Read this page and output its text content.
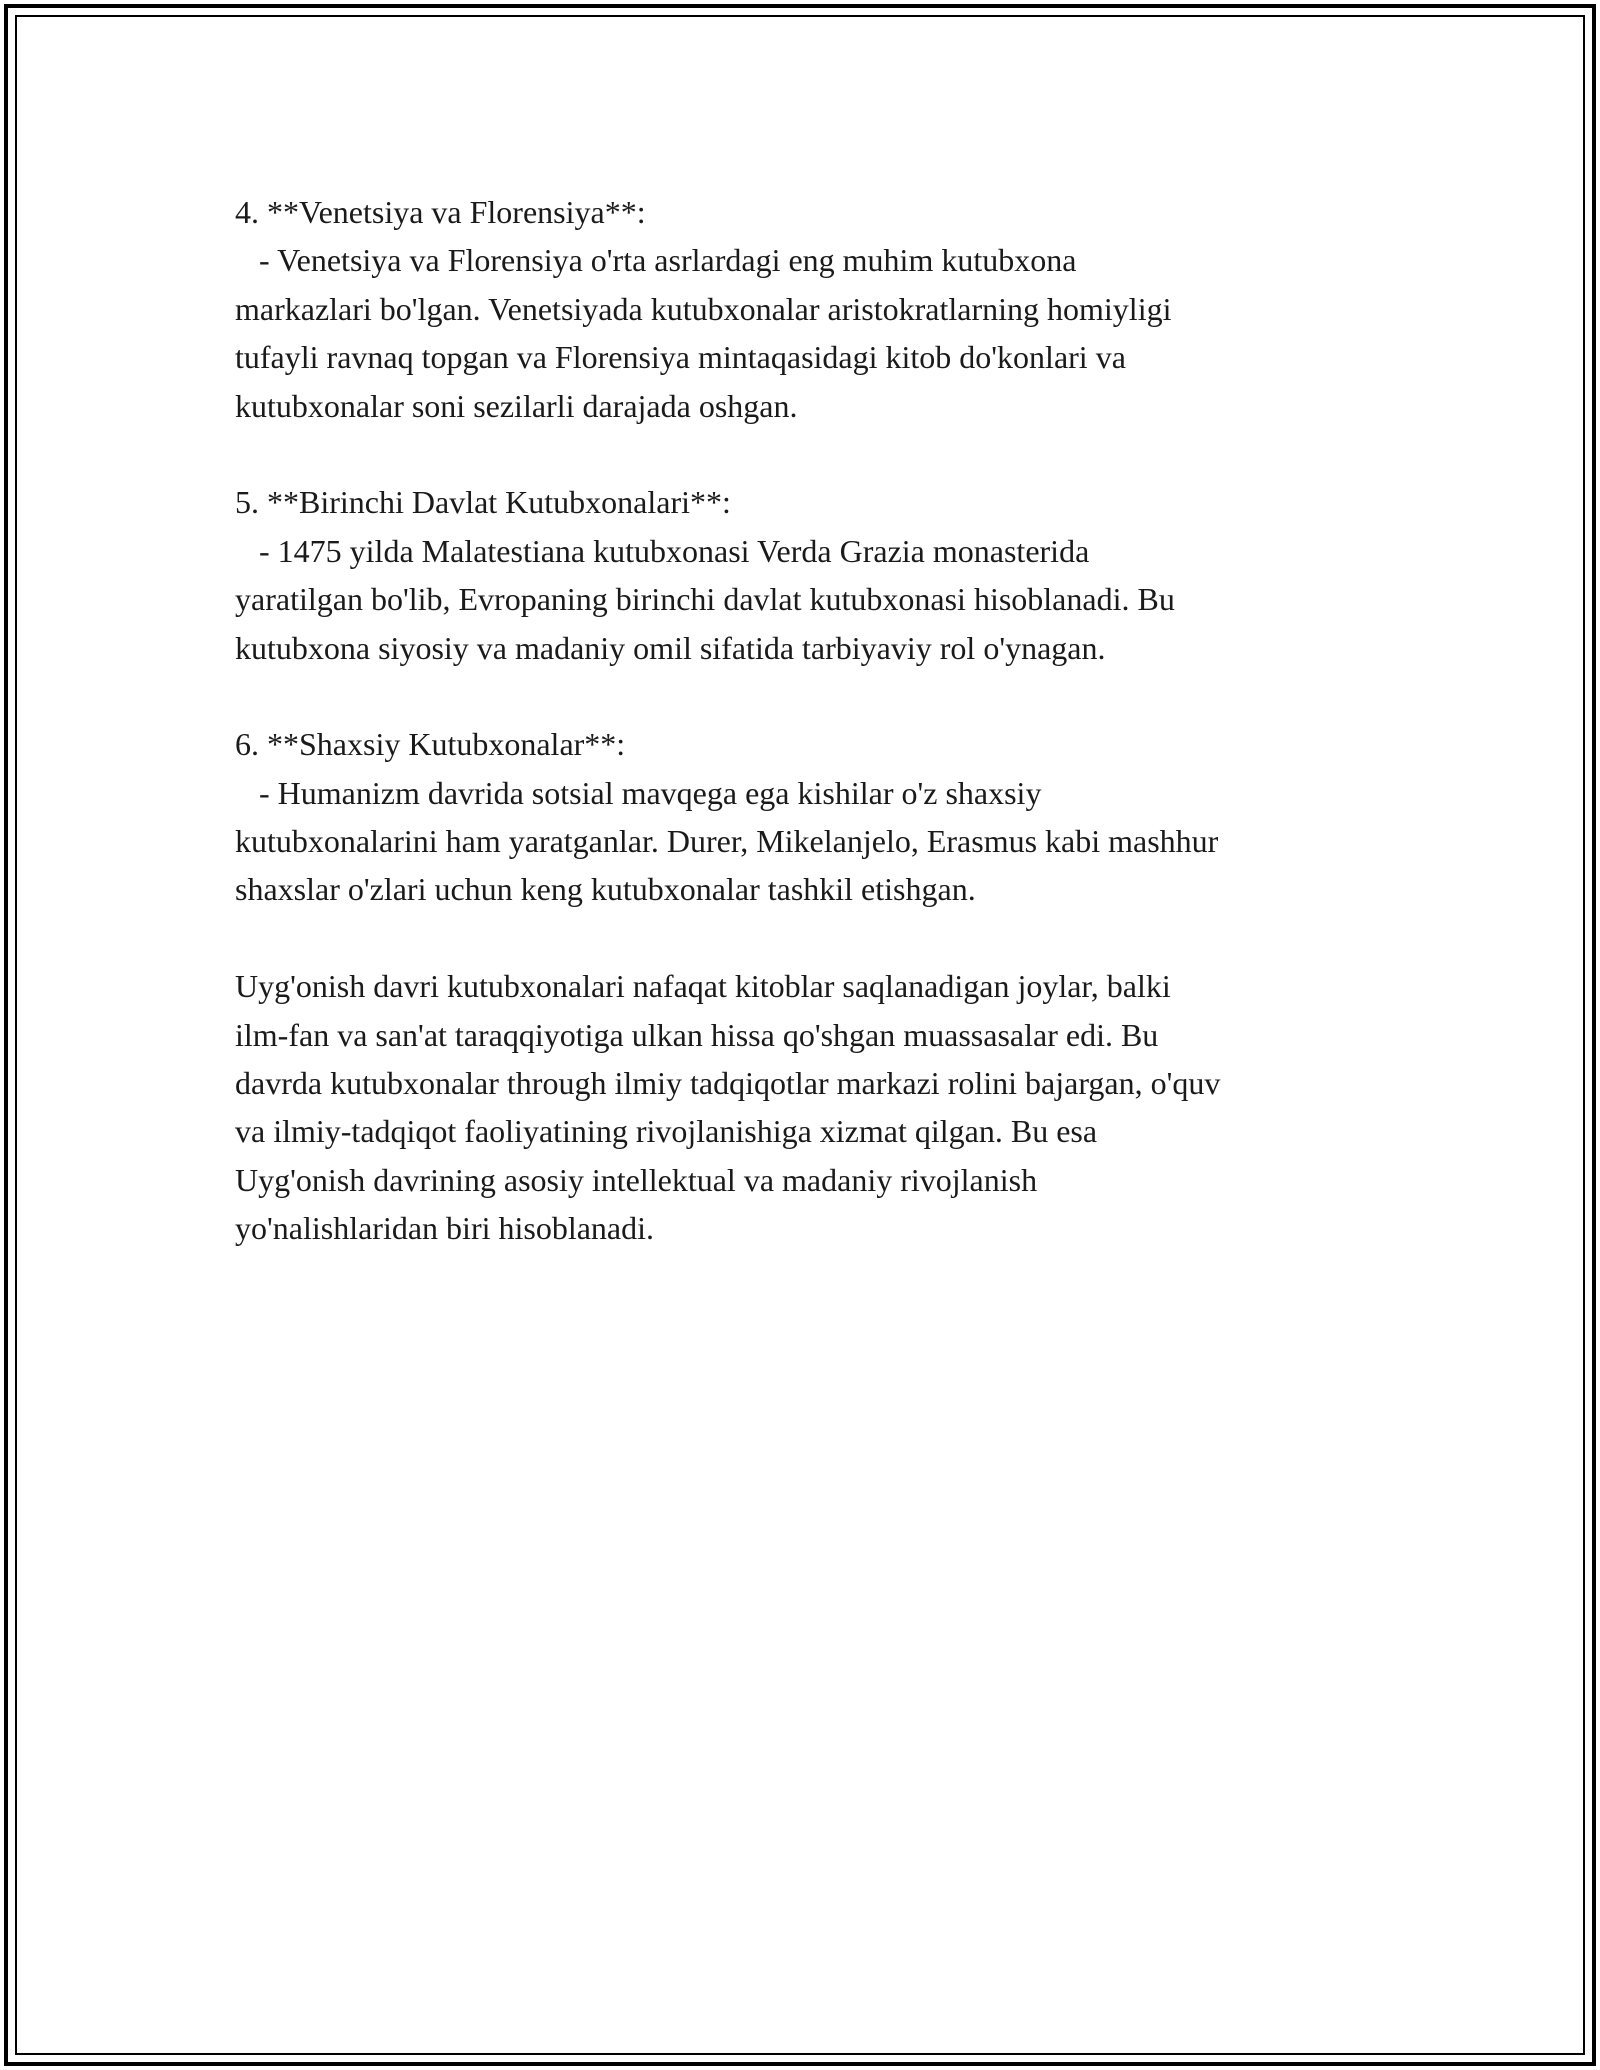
4. **Venetsiya va Florensiya**:
- Venetsiya va Florensiya o'rta asrlardagi eng muhim kutubxona
markazlari bo'lgan. Venetsiyada kutubxonalar aristokratlarning homiyligi
tufayli ravnaq topgan va Florensiya mintaqasidagi kitob do'konlari va
kutubxonalar soni sezilarli darajada oshgan.
5. **Birinchi Davlat Kutubxonalari**:
- 1475 yilda Malatestiana kutubxonasi Verda Grazia monasterida
yaratilgan bo'lib, Evropaning birinchi davlat kutubxonasi hisoblanadi. Bu
kutubxona siyosiy va madaniy omil sifatida tarbiyaviy rol o'ynagan.
6. **Shaxsiy Kutubxonalar**:
- Humanizm davrida sotsial mavqega ega kishilar o'z shaxsiy
kutubxonalarini ham yaratganlar. Durer, Mikelanjelo, Erasmus kabi mashhur
shaxslar o'zlari uchun keng kutubxonalar tashkil etishgan.
Uyg'onish davri kutubxonalari nafaqat kitoblar saqlanadigan joylar, balki
ilm-fan va san'at taraqqiyotiga ulkan hissa qo'shgan muassasalar edi. Bu
davrda kutubxonalar through ilmiy tadqiqotlar markazi rolini bajargan, o'quv
va ilmiy-tadqiqot faoliyatining rivojlanishiga xizmat qilgan. Bu esa
Uyg'onish davrining asosiy intellektual va madaniy rivojlanish
yo'nalishlaridan biri hisoblanadi.
